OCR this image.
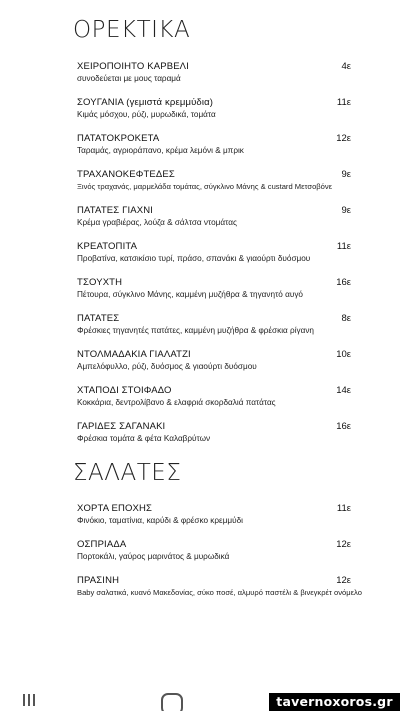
ΟΡΕΚΤΙΚΑ
ΧΕΙΡΟΠΟΙΗΤΟ ΚΑΡΒΕΛΙ	4ε
συνοδεύεται με μους ταραμά
ΣΟΥΓΑΝΙΑ (γεμιστά κρεμμύδια)	11ε
Κιμάς μόσχου, ρύζι, μυρωδικά, τομάτα
ΠΑΤΑΤΟΚΡΟΚΕΤΑ	12ε
Ταραμάς, αγριοράπανο, κρέμα λεμόνι & μπρικ
ΤΡΑΧΑΝΟΚΕΦΤΕΔΕΣ	9ε
Ξινός τραχανάς, μαρμελάδα τομάτας, σύγκλινο Μάνης & custard Μετσοβόνε
ΠΑΤΑΤΕΣ ΓΙΑΧΝΙ	9ε
Κρέμα γραβιέρας, λούζα & σάλτσα ντομάτας
ΚΡΕΑΤΟΠΙΤΑ	11ε
Προβατίνα, κατσικίσιο τυρί, πράσο, σπανάκι & γιαούρτι δυόσμου
ΤΣΟΥΧΤΗ	16ε
Πέτουρα, σύγκλινο Μάνης, καμμένη μυζήθρα & τηγανητό αυγό
ΠΑΤΑΤΕΣ	8ε
Φρέσκιες τηγανητές πατάτες, καμμένη μυζήθρα & φρέσκια ρίγανη
ΝΤΟΛΜΑΔΑΚΙΑ ΓΙΑΛΑΤΖΙ	10ε
Αμπελόφυλλο, ρύζι, δυόσμος & γιαούρτι δυόσμου
ΧΤΑΠΟΔΙ ΣΤΟΙΦΑΔΟ	14ε
Κοκκάρια, δεντρολίβανο & ελαφριά σκορδαλιά πατάτας
ΓΑΡΙΔΕΣ ΣΑΓΑΝΑΚΙ	16ε
Φρέσκια τομάτα & φέτα Καλαβρύτων
ΣΑΛΑΤΕΣ
ΧΟΡΤΑ ΕΠΟΧΗΣ	11ε
Φινόκιο, ταματίνια, καρύδι & φρέσκο κρεμμύδι
ΟΣΠΡΙΑΔΑ	12ε
Πορτοκάλι, γαύρος μαρινάτος & μυρωδικά
ΠΡΑΣΙΝΗ	12ε
Baby σαλατικά, κυανό Μακεδονίας, σύκο ποσέ, αλμυρό παστέλι & βινεγκρέτ ονόμελο
tavernoxoros.gr
